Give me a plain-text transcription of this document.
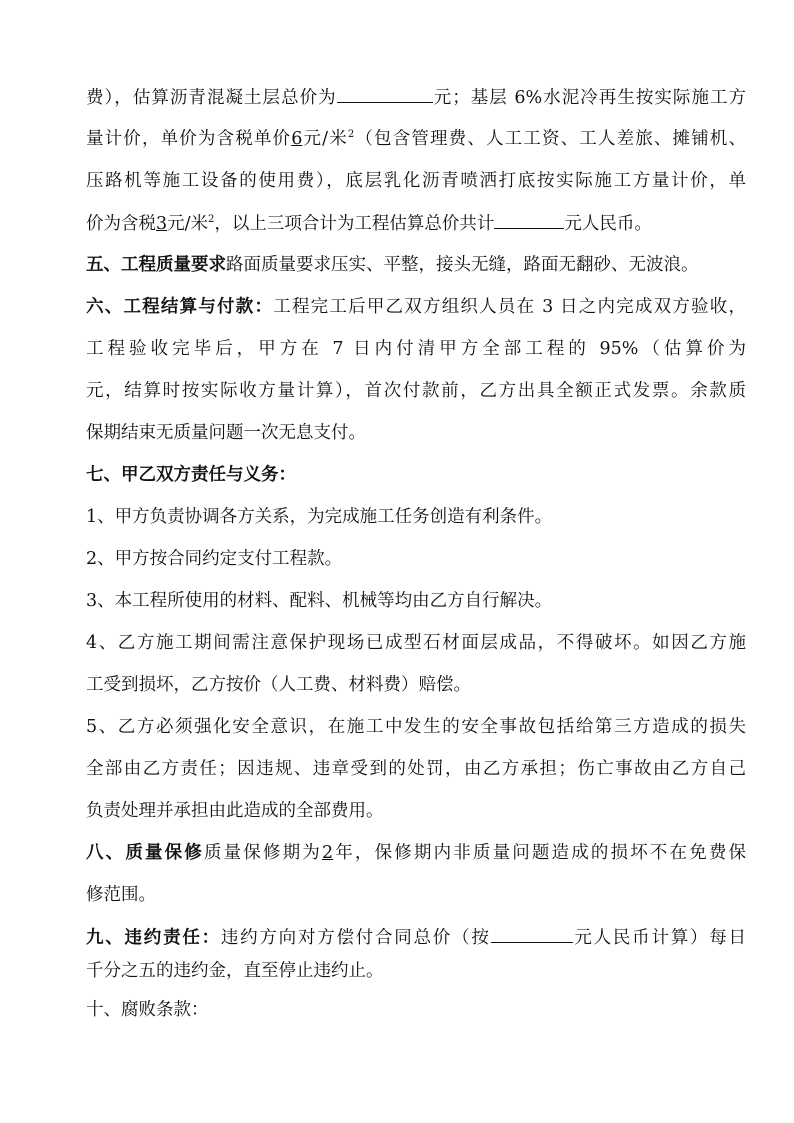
费），估算沥青混凝土层总价为	元；基层 6%水泥冷再生按实际施工方
量计价，单价为含税单价6元/米$^2$（包含管理费、人工工资、工人差旅、摊铺机、
压路机等施工设备的使用费），底层乳化沥青喷洒打底按实际施工方量计价，单
价为含税3元/米$^2$，以上三项合计为工程估算总价共计	元人民币。
五、工程质量要求路面质量要求压实、平整，接头无缝，路面无翻砂、无波浪。
六、工程结算与付款：工程完工后甲乙双方组织人员在 3 日之内完成双方验收，
工程验收完毕后，甲方在 7 日内付清甲方全部工程的 95%（估算价为
元，结算时按实际收方量计算），首次付款前，乙方出具全额正式发票。余款质
保期结束无质量问题一次无息支付。
七、甲乙双方责任与义务：
1、甲方负责协调各方关系，为完成施工任务创造有利条件。
2、甲方按合同约定支付工程款。
3、本工程所使用的材料、配料、机械等均由乙方自行解决。
4、乙方施工期间需注意保护现场已成型石材面层成品，不得破坏。如因乙方施
工受到损坏，乙方按价（人工费、材料费）赔偿。
5、乙方必须强化安全意识，在施工中发生的安全事故包括给第三方造成的损失
全部由乙方责任；因违规、违章受到的处罚，由乙方承担；伤亡事故由乙方自己
负责处理并承担由此造成的全部费用。
八、质量保修质量保修期为2年，保修期内非质量问题造成的损坏不在免费保
修范围。
九、违约责任：违约方向对方偿付合同总价（按	元人民币计算）每日
千分之五的违约金，直至停止违约止。
十、腐败条款：
